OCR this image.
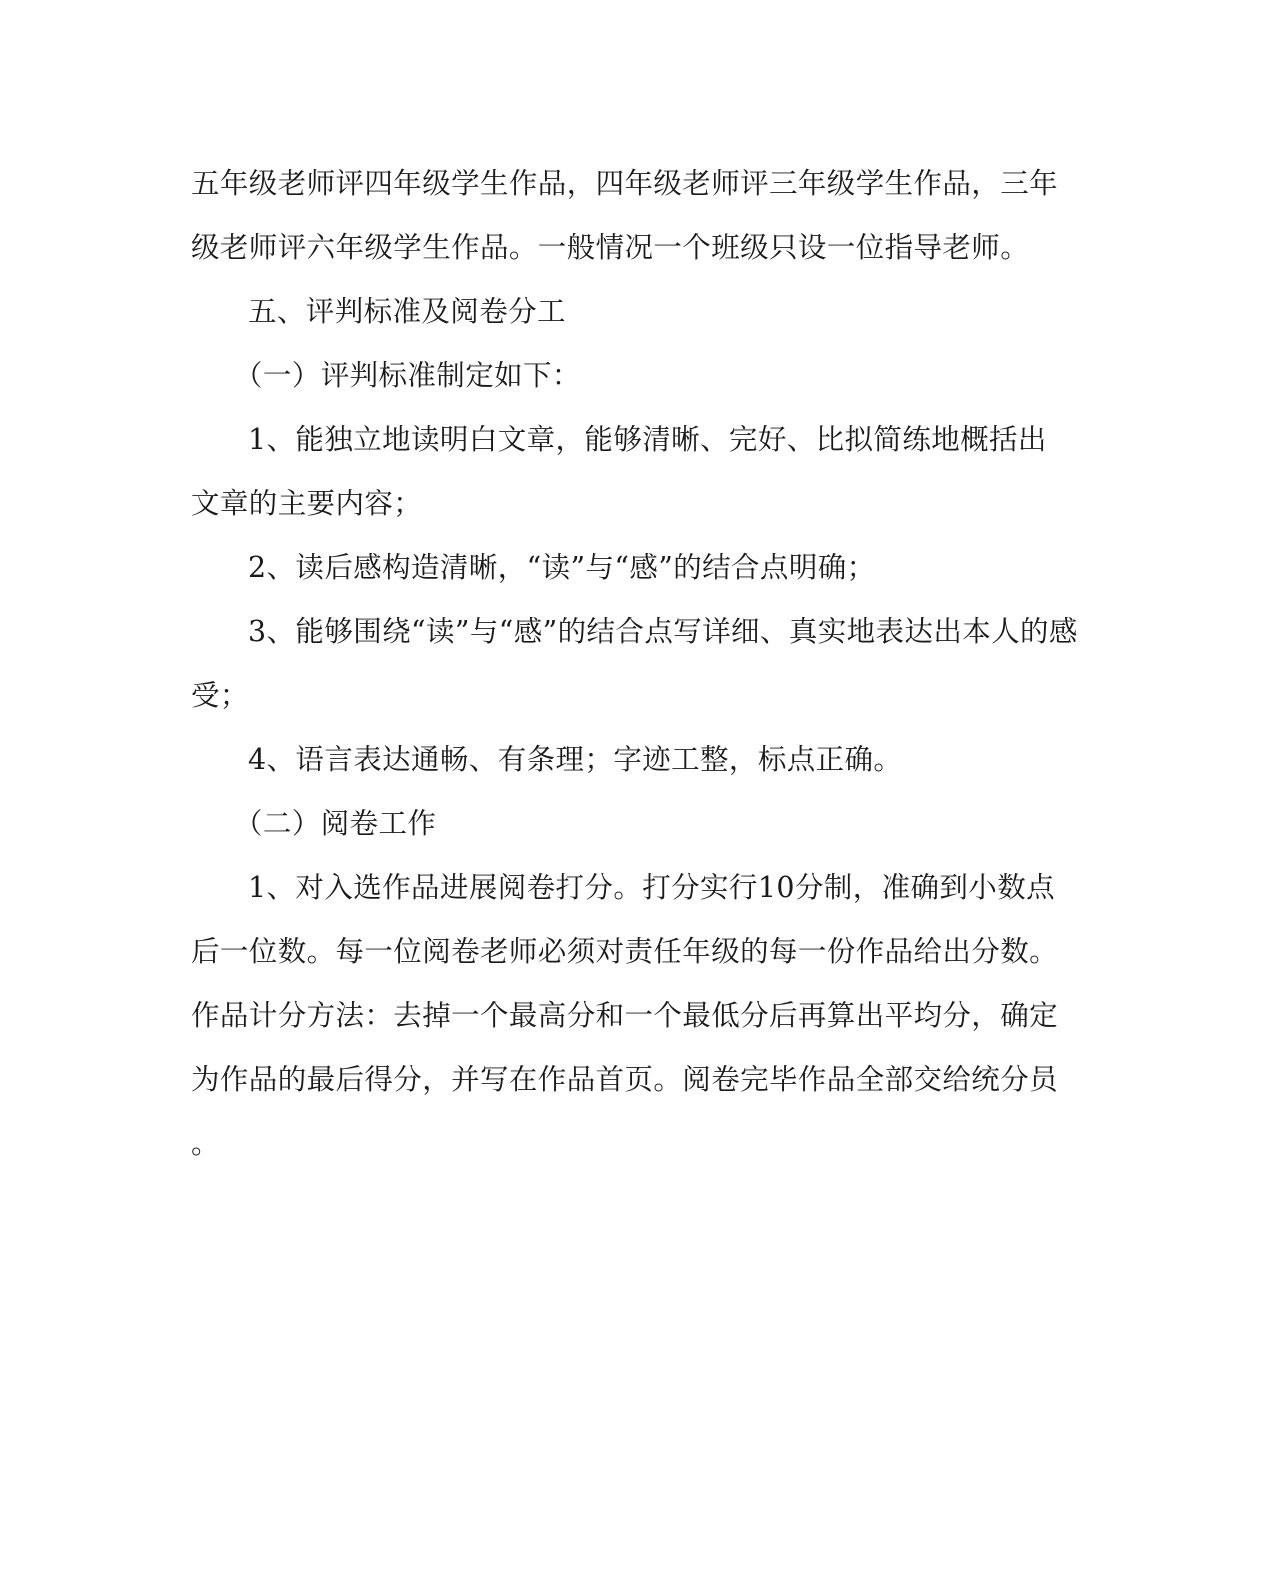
五年级老师评四年级学生作品，四年级老师评三年级学生作品，三年
级老师评六年级学生作品。一般情况一个班级只设一位指导老师。
五、评判标准及阅卷分工
（一）评判标准制定如下：
1、能独立地读明白文章，能够清晰、完好、比拟简练地概括出
文章的主要内容；
2、读后感构造清晰，“读”与“感”的结合点明确；
3、能够围绕“读”与“感”的结合点写详细、真实地表达出本人的感
受；
4、语言表达通畅、有条理；字迹工整，标点正确。
（二）阅卷工作
1、对入选作品进展阅卷打分。打分实行10分制，准确到小数点
后一位数。每一位阅卷老师必须对责任年级的每一份作品给出分数。
作品计分方法：去掉一个最高分和一个最低分后再算出平均分，确定
为作品的最后得分，并写在作品首页。阅卷完毕作品全部交给统分员
。
